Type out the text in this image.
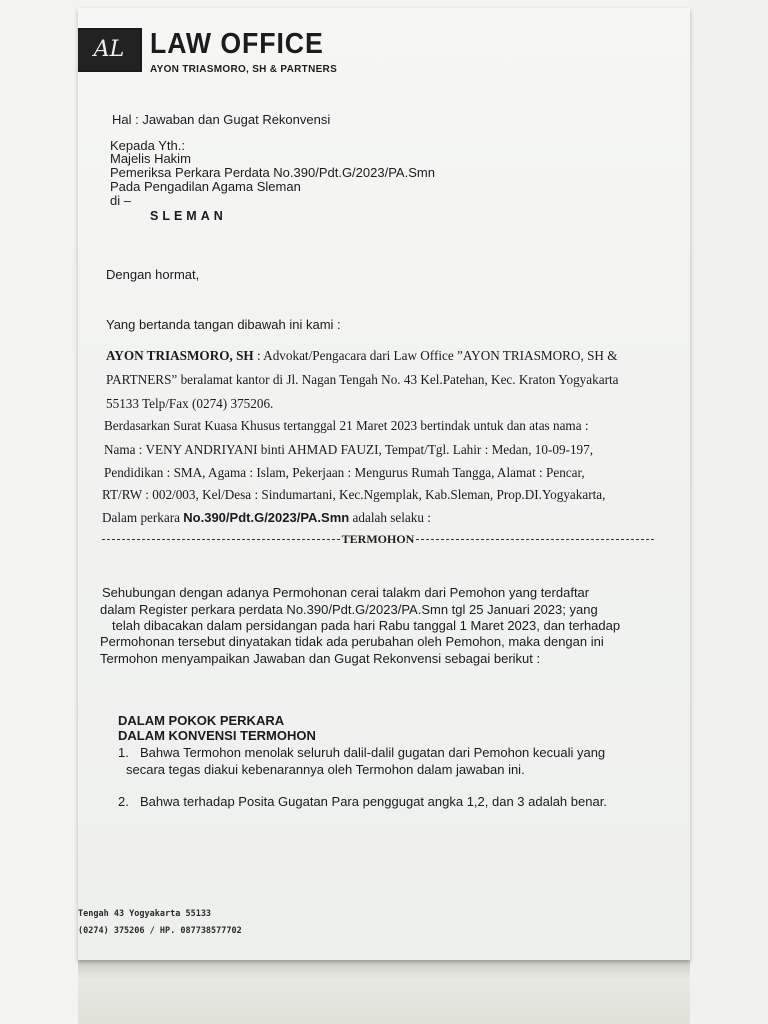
AL LAW OFFICE
AYON TRIASMORO, SH & PARTNERS
Hal : Jawaban dan Gugat Rekonvensi
Kepada Yth.:
Majelis Hakim
Pemeriksa Perkara Perdata No.390/Pdt.G/2023/PA.Smn
Pada Pengadilan Agama Sleman
di –
SLEMAN
Dengan hormat,
Yang bertanda tangan dibawah ini kami :
AYON TRIASMORO, SH : Advokat/Pengacara dari Law Office ”AYON TRIASMORO, SH &
PARTNERS” beralamat kantor di Jl. Nagan Tengah No. 43 Kel.Patehan, Kec. Kraton Yogyakarta
55133 Telp/Fax (0274) 375206.
Berdasarkan Surat Kuasa Khusus tertanggal 21 Maret 2023 bertindak untuk dan atas nama :
Nama : VENY ANDRIYANI binti AHMAD FAUZI, Tempat/Tgl. Lahir : Medan, 10-09-197,
Pendidikan : SMA, Agama : Islam, Pekerjaan : Mengurus Rumah Tangga, Alamat : Pencar,
RT/RW : 002/003, Kel/Desa : Sindumartani, Kec.Ngemplak, Kab.Sleman, Prop.DI.Yogyakarta,
Dalam perkara No.390/Pdt.G/2023/PA.Smn adalah selaku :
TERMOHON
Sehubungan dengan adanya Permohonan cerai talakm dari Pemohon yang terdaftar
dalam Register perkara perdata No.390/Pdt.G/2023/PA.Smn tgl 25 Januari 2023; yang
telah dibacakan dalam persidangan pada hari Rabu tanggal 1 Maret 2023, dan terhadap
Permohonan tersebut dinyatakan tidak ada perubahan oleh Pemohon, maka dengan ini
Termohon menyampaikan Jawaban dan Gugat Rekonvensi sebagai berikut :
DALAM POKOK PERKARA
DALAM KONVENSI TERMOHON
1. Bahwa Termohon menolak seluruh dalil-dalil gugatan dari Pemohon kecuali yang
secara tegas diakui kebenarannya oleh Termohon dalam jawaban ini.
2. Bahwa terhadap Posita Gugatan Para penggugat angka 1,2, dan 3 adalah benar.
Tengah 43 Yogyakarta 55133
(0274) 375206 / HP. 087738577702
